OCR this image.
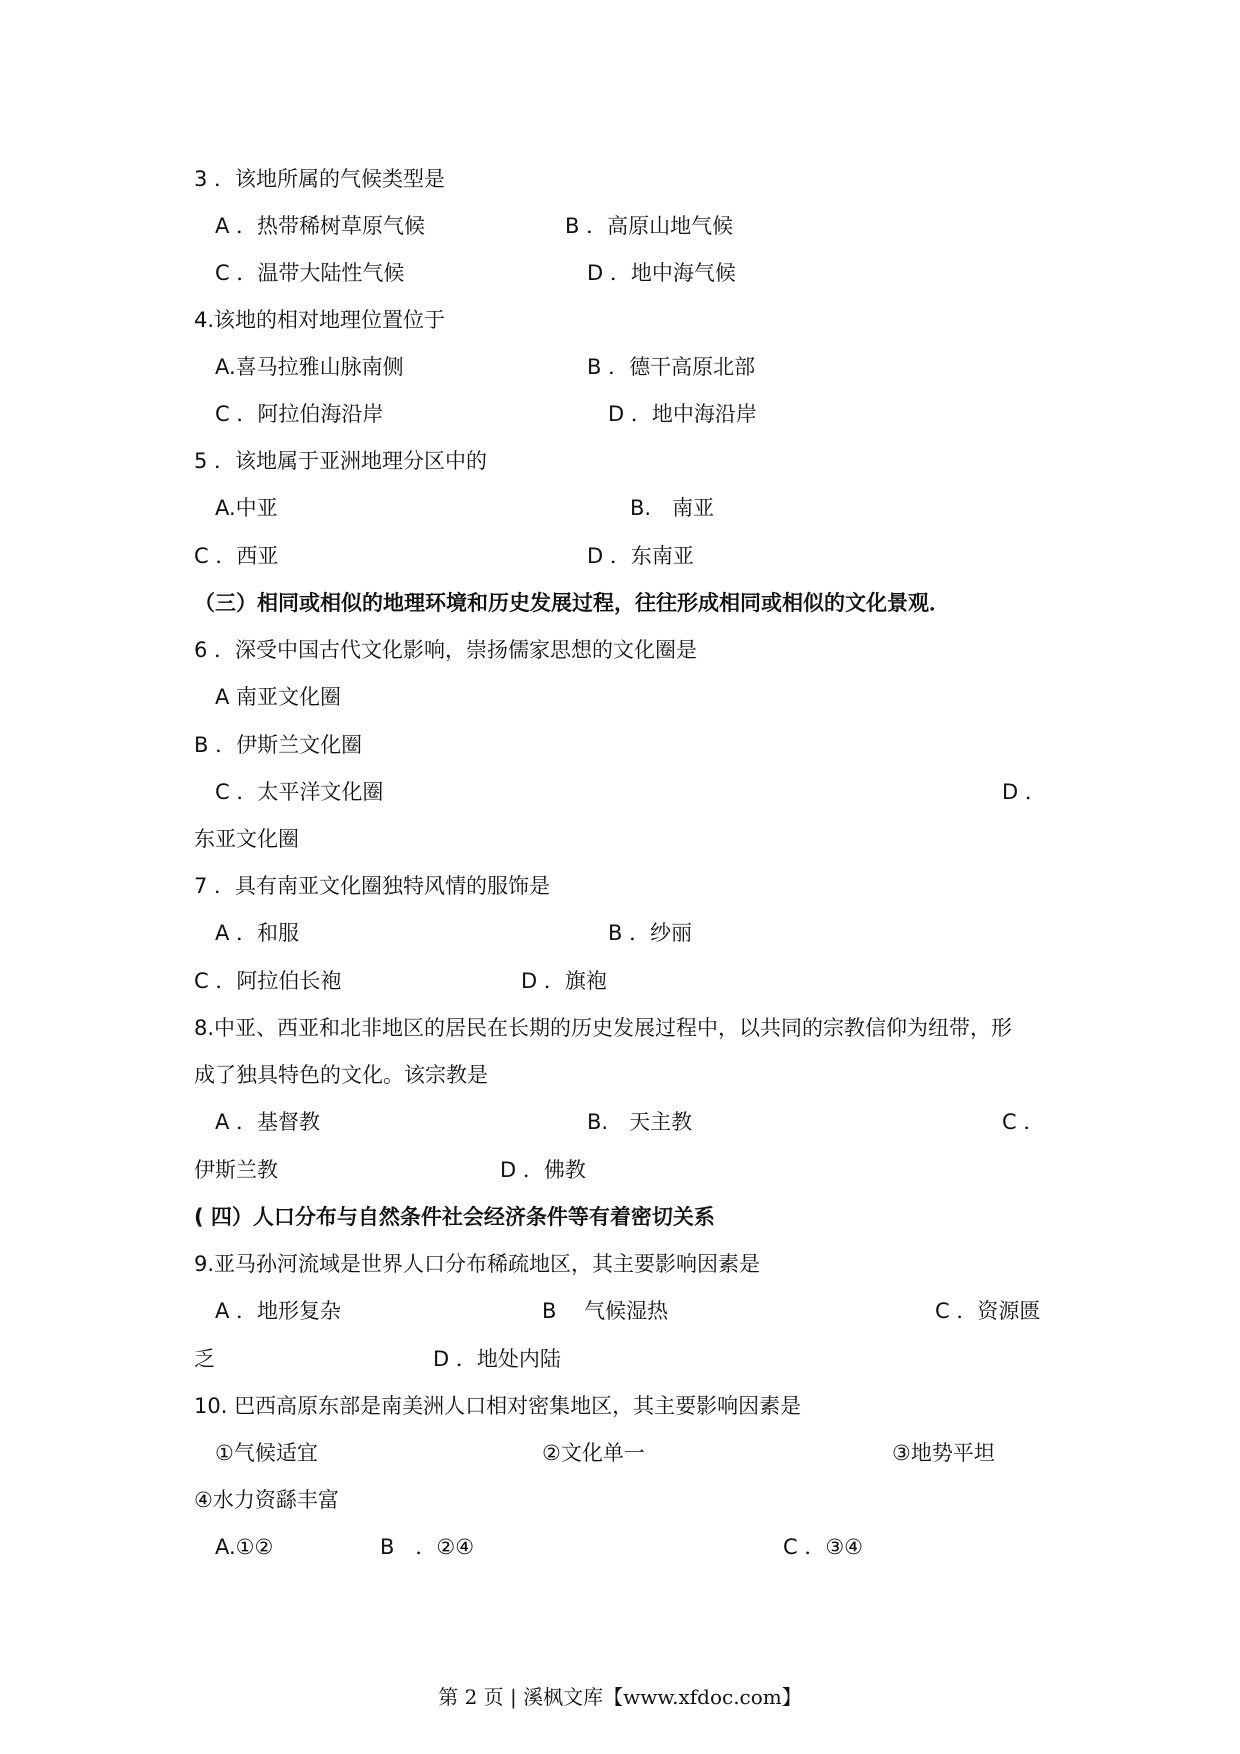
3 ．该地所属的气候类型是
A ．热带稀树草原气候	B ．高原山地气候
C ．温带大陆性气候	D ．地中海气候
4.该地的相对地理位置位于
A.喜马拉雅山脉南侧	B ．德干高原北部
C ．阿拉伯海沿岸	D ．地中海沿岸
5 ．该地属于亚洲地理分区中的
A.中亚	B.　南亚
C ．西亚	D ．东南亚
（三）相同或相似的地理环境和历史发展过程，往往形成相同或相似的文化景观．
6 ．深受中国古代文化影响，崇扬儒家思想的文化圈是
A 南亚文化圈
B ．伊斯兰文化圈
C ．太平洋文化圈	D ．
东亚文化圈
7 ．具有南亚文化圈独特风情的服饰是
A ．和服	B ．纱丽
C ．阿拉伯长袍	D ．旗袍
8.中亚、西亚和北非地区的居民在长期的历史发展过程中，以共同的宗教信仰为纽带，形
成了独具特色的文化。该宗教是
A ．基督教	B.　天主教	C ．
伊斯兰教	D ．佛教
( 四）人口分布与自然条件社会经济条件等有着密切关系
9.亚马孙河流域是世界人口分布稀疏地区，其主要影响因素是
A ．地形复杂	B　 气候湿热	C ．资源匮
乏	D ．地处内陆
10. 巴西高原东部是南美洲人口相对密集地区，其主要影响因素是
①气候适宜	②文化单一	③地势平坦
④水力资繇丰富
A.①②	B　．②④	C ．③④
第 2 页 | 溪枫文库【www.xfdoc.com】
